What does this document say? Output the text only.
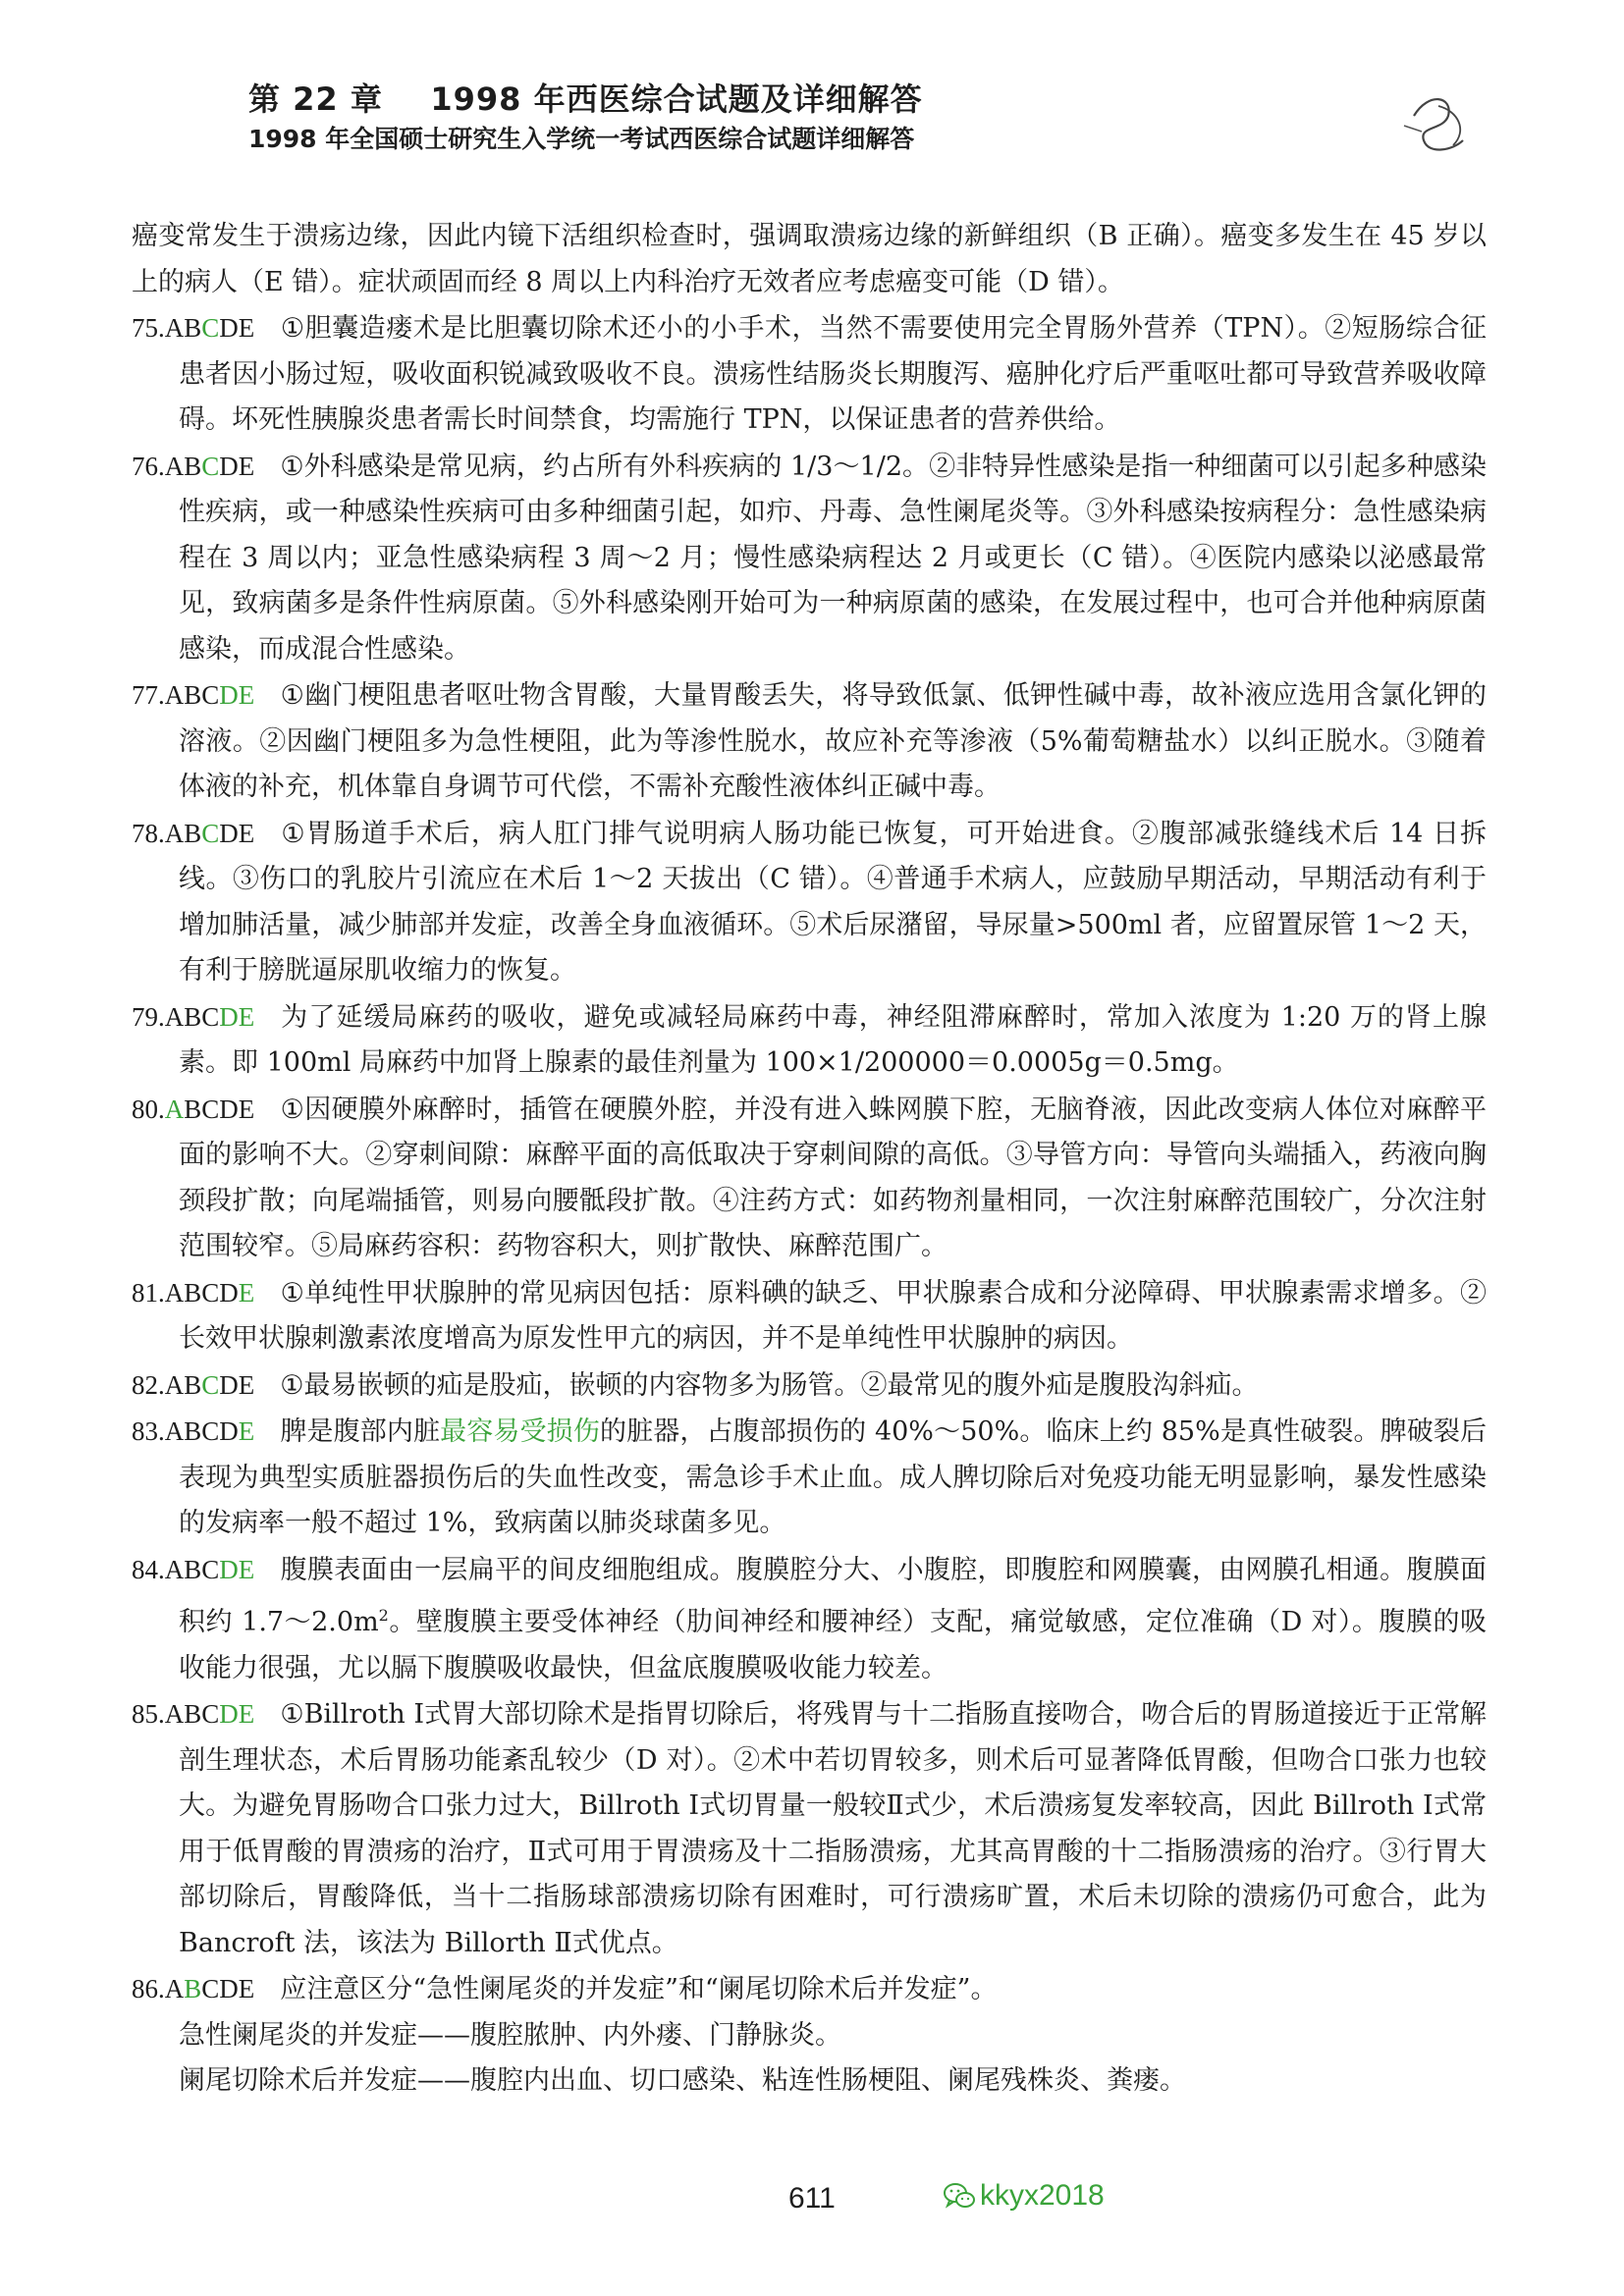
第 22 章    1998 年西医综合试题及详细解答
1998 年全国硕士研究生入学统一考试西医综合试题详细解答

癌变常发生于溃疡边缘，因此内镜下活组织检查时，强调取溃疡边缘的新鲜组织（B 正确）。癌变多发生在 45 岁以上的病人（E 错）。症状顽固而经 8 周以上内科治疗无效者应考虑癌变可能（D 错）。

75.ABCDE ①胆囊造瘘术是比胆囊切除术还小的小手术，当然不需要使用完全胃肠外营养（TPN）。②短肠综合征患者因小肠过短，吸收面积锐减致吸收不良。溃疡性结肠炎长期腹泻、癌肿化疗后严重呕吐都可导致营养吸收障碍。坏死性胰腺炎患者需长时间禁食，均需施行 TPN，以保证患者的营养供给。

76.ABCDE ①外科感染是常见病，约占所有外科疾病的 1/3～1/2。②非特异性感染是指一种细菌可以引起多种感染性疾病，或一种感染性疾病可由多种细菌引起，如疖、丹毒、急性阑尾炎等。③外科感染按病程分：急性感染病程在 3 周以内；亚急性感染病程 3 周～2 月；慢性感染病程达 2 月或更长（C 错）。④医院内感染以泌感最常见，致病菌多是条件性病原菌。⑤外科感染刚开始可为一种病原菌的感染，在发展过程中，也可合并他种病原菌感染，而成混合性感染。

77.ABCDE ①幽门梗阻患者呕吐物含胃酸，大量胃酸丢失，将导致低氯、低钾性碱中毒，故补液应选用含氯化钾的溶液。②因幽门梗阻多为急性梗阻，此为等渗性脱水，故应补充等渗液（5%葡萄糖盐水）以纠正脱水。③随着体液的补充，机体靠自身调节可代偿，不需补充酸性液体纠正碱中毒。

78.ABCDE ①胃肠道手术后，病人肛门排气说明病人肠功能已恢复，可开始进食。②腹部减张缝线术后 14 日拆线。③伤口的乳胶片引流应在术后 1～2 天拔出（C 错）。④普通手术病人，应鼓励早期活动，早期活动有利于增加肺活量，减少肺部并发症，改善全身血液循环。⑤术后尿潴留，导尿量>500ml 者，应留置尿管 1～2 天，有利于膀胱逼尿肌收缩力的恢复。

79.ABCDE 为了延缓局麻药的吸收，避免或减轻局麻药中毒，神经阻滞麻醉时，常加入浓度为 1:20 万的肾上腺素。即 100ml 局麻药中加肾上腺素的最佳剂量为 100×1/200000＝0.0005g＝0.5mg。

80.ABCDE ①因硬膜外麻醉时，插管在硬膜外腔，并没有进入蛛网膜下腔，无脑脊液，因此改变病人体位对麻醉平面的影响不大。②穿刺间隙：麻醉平面的高低取决于穿刺间隙的高低。③导管方向：导管向头端插入，药液向胸颈段扩散；向尾端插管，则易向腰骶段扩散。④注药方式：如药物剂量相同，一次注射麻醉范围较广，分次注射范围较窄。⑤局麻药容积：药物容积大，则扩散快、麻醉范围广。

81.ABCDE ①单纯性甲状腺肿的常见病因包括：原料碘的缺乏、甲状腺素合成和分泌障碍、甲状腺素需求增多。②长效甲状腺刺激素浓度增高为原发性甲亢的病因，并不是单纯性甲状腺肿的病因。

82.ABCDE ①最易嵌顿的疝是股疝，嵌顿的内容物多为肠管。②最常见的腹外疝是腹股沟斜疝。

83.ABCDE 脾是腹部内脏最容易受损伤的脏器，占腹部损伤的 40%～50%。临床上约 85%是真性破裂。脾破裂后表现为典型实质脏器损伤后的失血性改变，需急诊手术止血。成人脾切除后对免疫功能无明显影响，暴发性感染的发病率一般不超过 1%，致病菌以肺炎球菌多见。

84.ABCDE 腹膜表面由一层扁平的间皮细胞组成。腹膜腔分大、小腹腔，即腹腔和网膜囊，由网膜孔相通。腹膜面积约 $1.7\sim 2.0m^2$。壁腹膜主要受体神经（肋间神经和腰神经）支配，痛觉敏感，定位准确（D 对）。腹膜的吸收能力很强，尤以膈下腹膜吸收最快，但盆底腹膜吸收能力较差。

85.ABCDE ①Billroth Ⅰ式胃大部切除术是指胃切除后，将残胃与十二指肠直接吻合，吻合后的胃肠道接近于正常解剖生理状态，术后胃肠功能紊乱较少（D 对）。②术中若切胃较多，则术后可显著降低胃酸，但吻合口张力也较大。为避免胃肠吻合口张力过大，Billroth Ⅰ式切胃量一般较Ⅱ式少，术后溃疡复发率较高，因此 Billroth Ⅰ式常用于低胃酸的胃溃疡的治疗，Ⅱ式可用于胃溃疡及十二指肠溃疡，尤其高胃酸的十二指肠溃疡的治疗。③行胃大部切除后，胃酸降低，当十二指肠球部溃疡切除有困难时，可行溃疡旷置，术后未切除的溃疡仍可愈合，此为 Bancroft 法，该法为 Billorth Ⅱ式优点。

86.ABCDE 应注意区分“急性阑尾炎的并发症”和“阑尾切除术后并发症”。

急性阑尾炎的并发症——腹腔脓肿、内外瘘、门静脉炎。

阑尾切除术后并发症——腹腔内出血、切口感染、粘连性肠梗阻、阑尾残株炎、粪瘘。

611	kkyx2018
